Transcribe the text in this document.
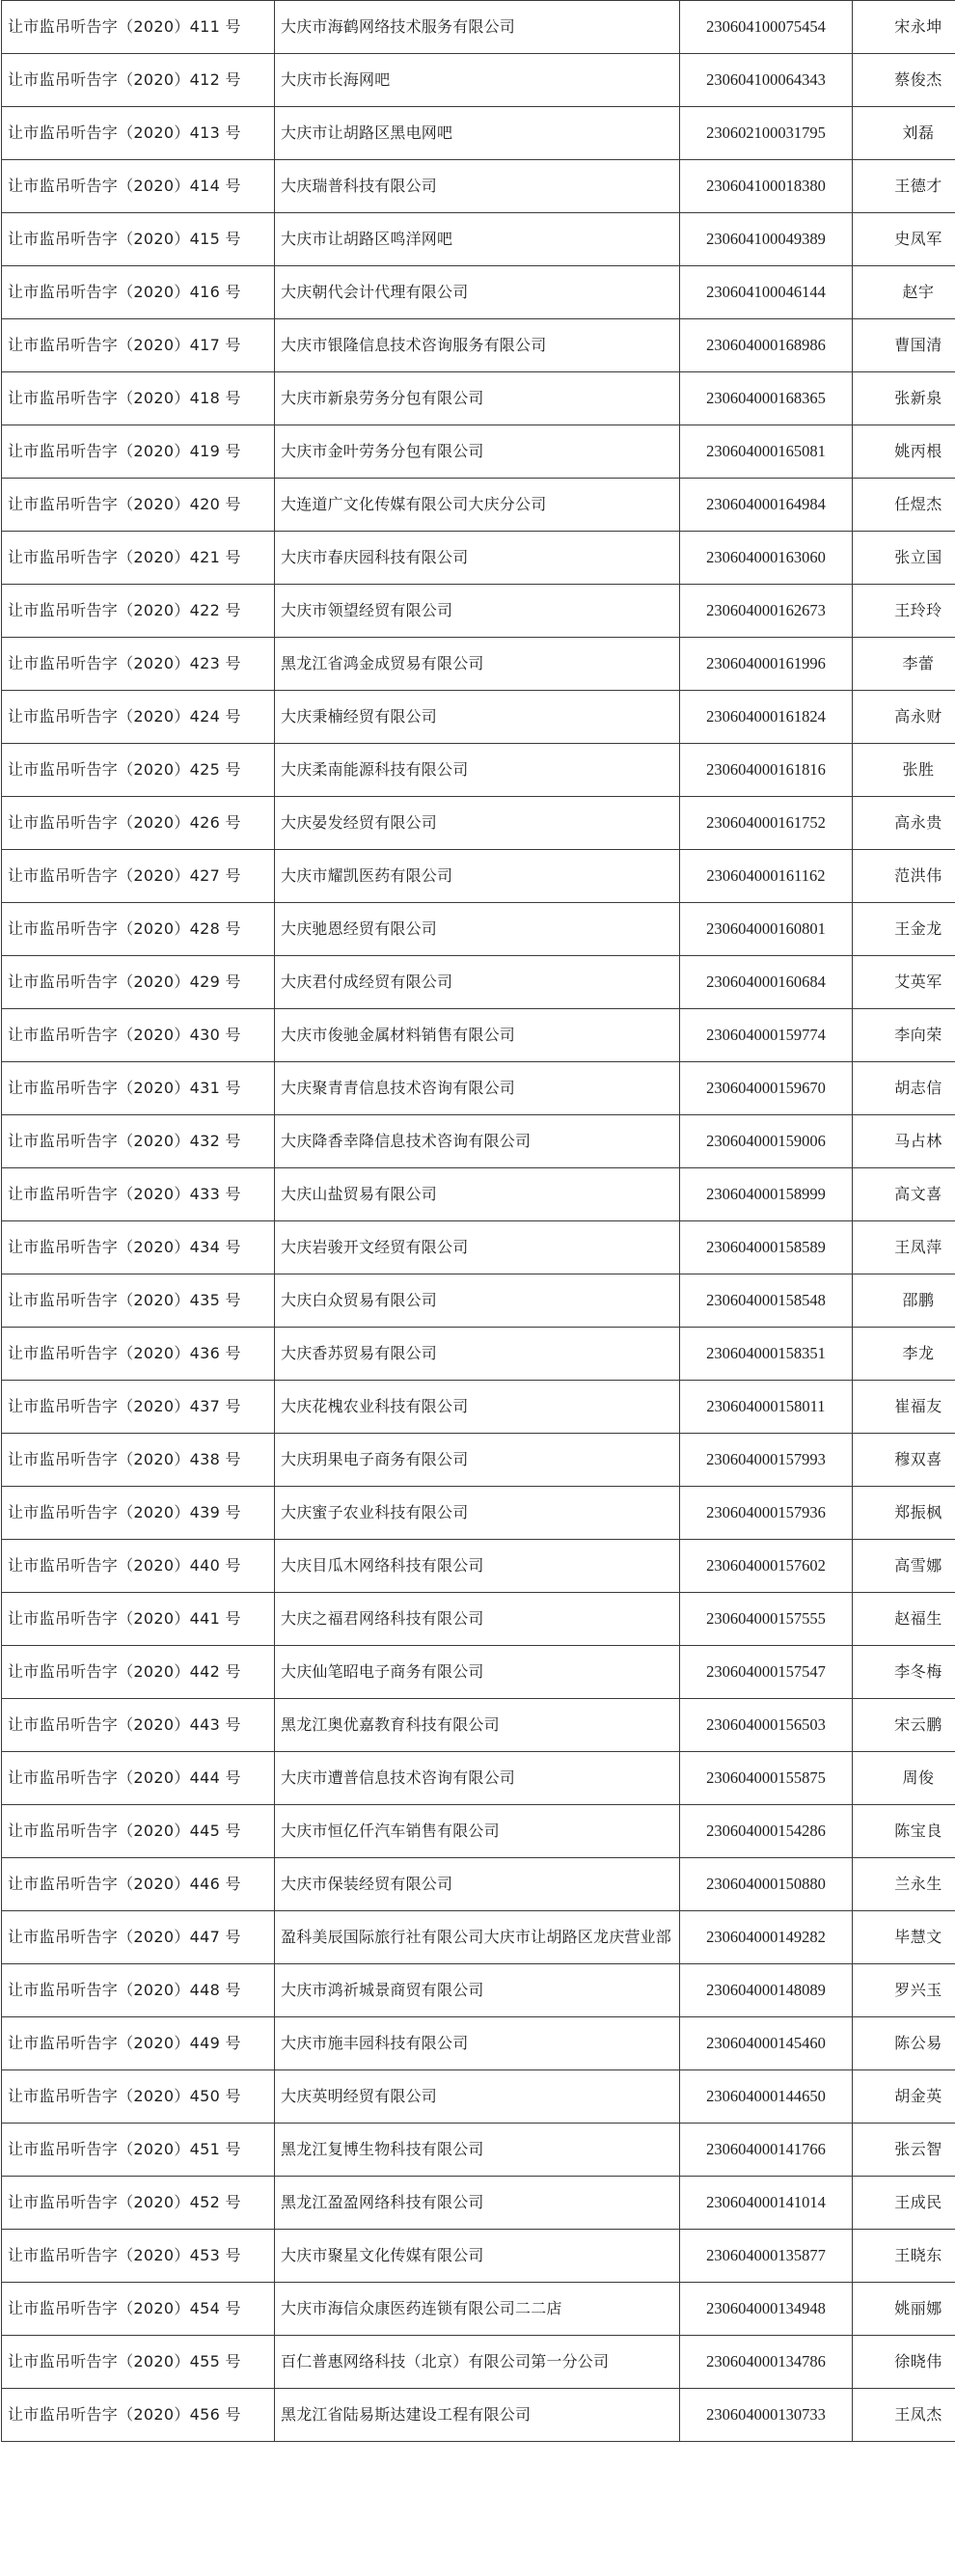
让市监吊听告字（2020）411 号	大庆市海鹤网络技术服务有限公司	230604100075454	宋永坤
让市监吊听告字（2020）412 号	大庆市长海网吧	230604100064343	蔡俊杰
让市监吊听告字（2020）413 号	大庆市让胡路区黑电网吧	230602100031795	刘磊
让市监吊听告字（2020）414 号	大庆瑞普科技有限公司	230604100018380	王德才
让市监吊听告字（2020）415 号	大庆市让胡路区鸣洋网吧	230604100049389	史凤军
让市监吊听告字（2020）416 号	大庆朝代会计代理有限公司	230604100046144	赵宇
让市监吊听告字（2020）417 号	大庆市银隆信息技术咨询服务有限公司	230604000168986	曹国清
让市监吊听告字（2020）418 号	大庆市新泉劳务分包有限公司	230604000168365	张新泉
让市监吊听告字（2020）419 号	大庆市金叶劳务分包有限公司	230604000165081	姚丙根
让市监吊听告字（2020）420 号	大连道广文化传媒有限公司大庆分公司	230604000164984	任煜杰
让市监吊听告字（2020）421 号	大庆市春庆园科技有限公司	230604000163060	张立国
让市监吊听告字（2020）422 号	大庆市领望经贸有限公司	230604000162673	王玲玲
让市监吊听告字（2020）423 号	黑龙江省鸿金成贸易有限公司	230604000161996	李蕾
让市监吊听告字（2020）424 号	大庆秉楠经贸有限公司	230604000161824	高永财
让市监吊听告字（2020）425 号	大庆柔南能源科技有限公司	230604000161816	张胜
让市监吊听告字（2020）426 号	大庆晏发经贸有限公司	230604000161752	高永贵
让市监吊听告字（2020）427 号	大庆市耀凯医药有限公司	230604000161162	范洪伟
让市监吊听告字（2020）428 号	大庆驰恩经贸有限公司	230604000160801	王金龙
让市监吊听告字（2020）429 号	大庆君付成经贸有限公司	230604000160684	艾英军
让市监吊听告字（2020）430 号	大庆市俊驰金属材料销售有限公司	230604000159774	李向荣
让市监吊听告字（2020）431 号	大庆聚青青信息技术咨询有限公司	230604000159670	胡志信
让市监吊听告字（2020）432 号	大庆降香幸降信息技术咨询有限公司	230604000159006	马占林
让市监吊听告字（2020）433 号	大庆山盐贸易有限公司	230604000158999	高文喜
让市监吊听告字（2020）434 号	大庆岩骏开文经贸有限公司	230604000158589	王凤萍
让市监吊听告字（2020）435 号	大庆白众贸易有限公司	230604000158548	邵鹏
让市监吊听告字（2020）436 号	大庆香苏贸易有限公司	230604000158351	李龙
让市监吊听告字（2020）437 号	大庆花槐农业科技有限公司	230604000158011	崔福友
让市监吊听告字（2020）438 号	大庆玥果电子商务有限公司	230604000157993	穆双喜
让市监吊听告字（2020）439 号	大庆蜜子农业科技有限公司	230604000157936	郑振枫
让市监吊听告字（2020）440 号	大庆目瓜木网络科技有限公司	230604000157602	高雪娜
让市监吊听告字（2020）441 号	大庆之福君网络科技有限公司	230604000157555	赵福生
让市监吊听告字（2020）442 号	大庆仙笔昭电子商务有限公司	230604000157547	李冬梅
让市监吊听告字（2020）443 号	黑龙江奥优嘉教育科技有限公司	230604000156503	宋云鹏
让市监吊听告字（2020）444 号	大庆市遭普信息技术咨询有限公司	230604000155875	周俊
让市监吊听告字（2020）445 号	大庆市恒亿仟汽车销售有限公司	230604000154286	陈宝良
让市监吊听告字（2020）446 号	大庆市保装经贸有限公司	230604000150880	兰永生
让市监吊听告字（2020）447 号	盈科美辰国际旅行社有限公司大庆市让胡路区龙庆营业部	230604000149282	毕慧文
让市监吊听告字（2020）448 号	大庆市鸿祈城景商贸有限公司	230604000148089	罗兴玉
让市监吊听告字（2020）449 号	大庆市施丰园科技有限公司	230604000145460	陈公易
让市监吊听告字（2020）450 号	大庆英明经贸有限公司	230604000144650	胡金英
让市监吊听告字（2020）451 号	黑龙江复博生物科技有限公司	230604000141766	张云智
让市监吊听告字（2020）452 号	黑龙江盈盈网络科技有限公司	230604000141014	王成民
让市监吊听告字（2020）453 号	大庆市聚星文化传媒有限公司	230604000135877	王晓东
让市监吊听告字（2020）454 号	大庆市海信众康医药连锁有限公司二二店	230604000134948	姚丽娜
让市监吊听告字（2020）455 号	百仁普惠网络科技（北京）有限公司第一分公司	230604000134786	徐晓伟
让市监吊听告字（2020）456 号	黑龙江省陆易斯达建设工程有限公司	230604000130733	王凤杰
